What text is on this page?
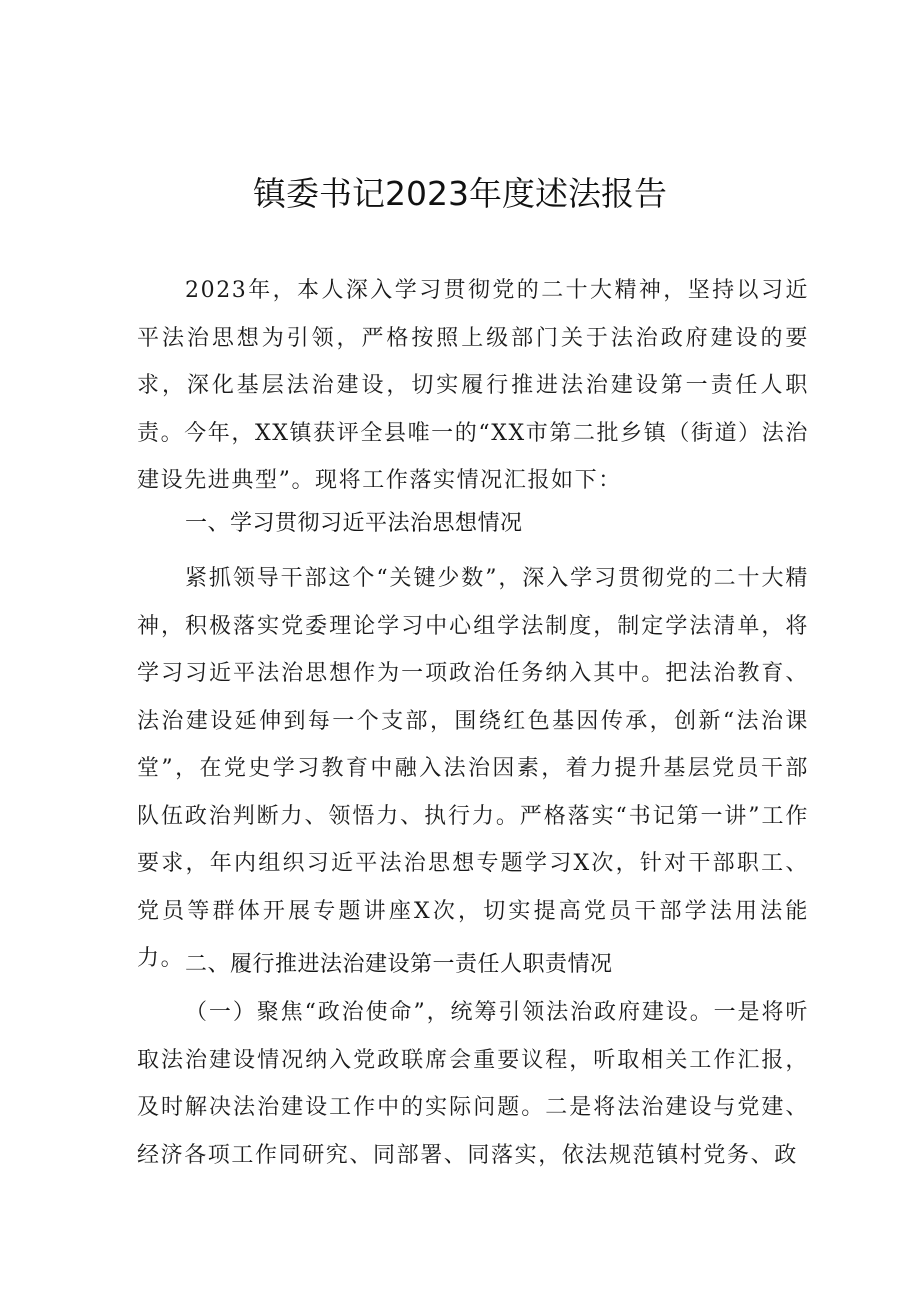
镇委书记2023年度述法报告

2023年，本人深入学习贯彻党的二十大精神，坚持以习近平法治思想为引领，严格按照上级部门关于法治政府建设的要求，深化基层法治建设，切实履行推进法治建设第一责任人职责。今年，XX镇获评全县唯一的“XX市第二批乡镇（街道）法治建设先进典型”。现将工作落实情况汇报如下：

一、学习贯彻习近平法治思想情况

紧抓领导干部这个“关键少数”，深入学习贯彻党的二十大精神，积极落实党委理论学习中心组学法制度，制定学法清单，将学习习近平法治思想作为一项政治任务纳入其中。把法治教育、法治建设延伸到每一个支部，围绕红色基因传承，创新“法治课堂”，在党史学习教育中融入法治因素，着力提升基层党员干部队伍政治判断力、领悟力、执行力。严格落实“书记第一讲”工作要求，年内组织习近平法治思想专题学习X次，针对干部职工、党员等群体开展专题讲座X次，切实提高党员干部学法用法能力。 二、履行推进法治建设第一责任人职责情况

（一）聚焦“政治使命”，统筹引领法治政府建设。一是将听取法治建设情况纳入党政联席会重要议程，听取相关工作汇报，及时解决法治建设工作中的实际问题。二是将法治建设与党建、经济各项工作同研究、同部署、同落实，依法规范镇村党务、政
